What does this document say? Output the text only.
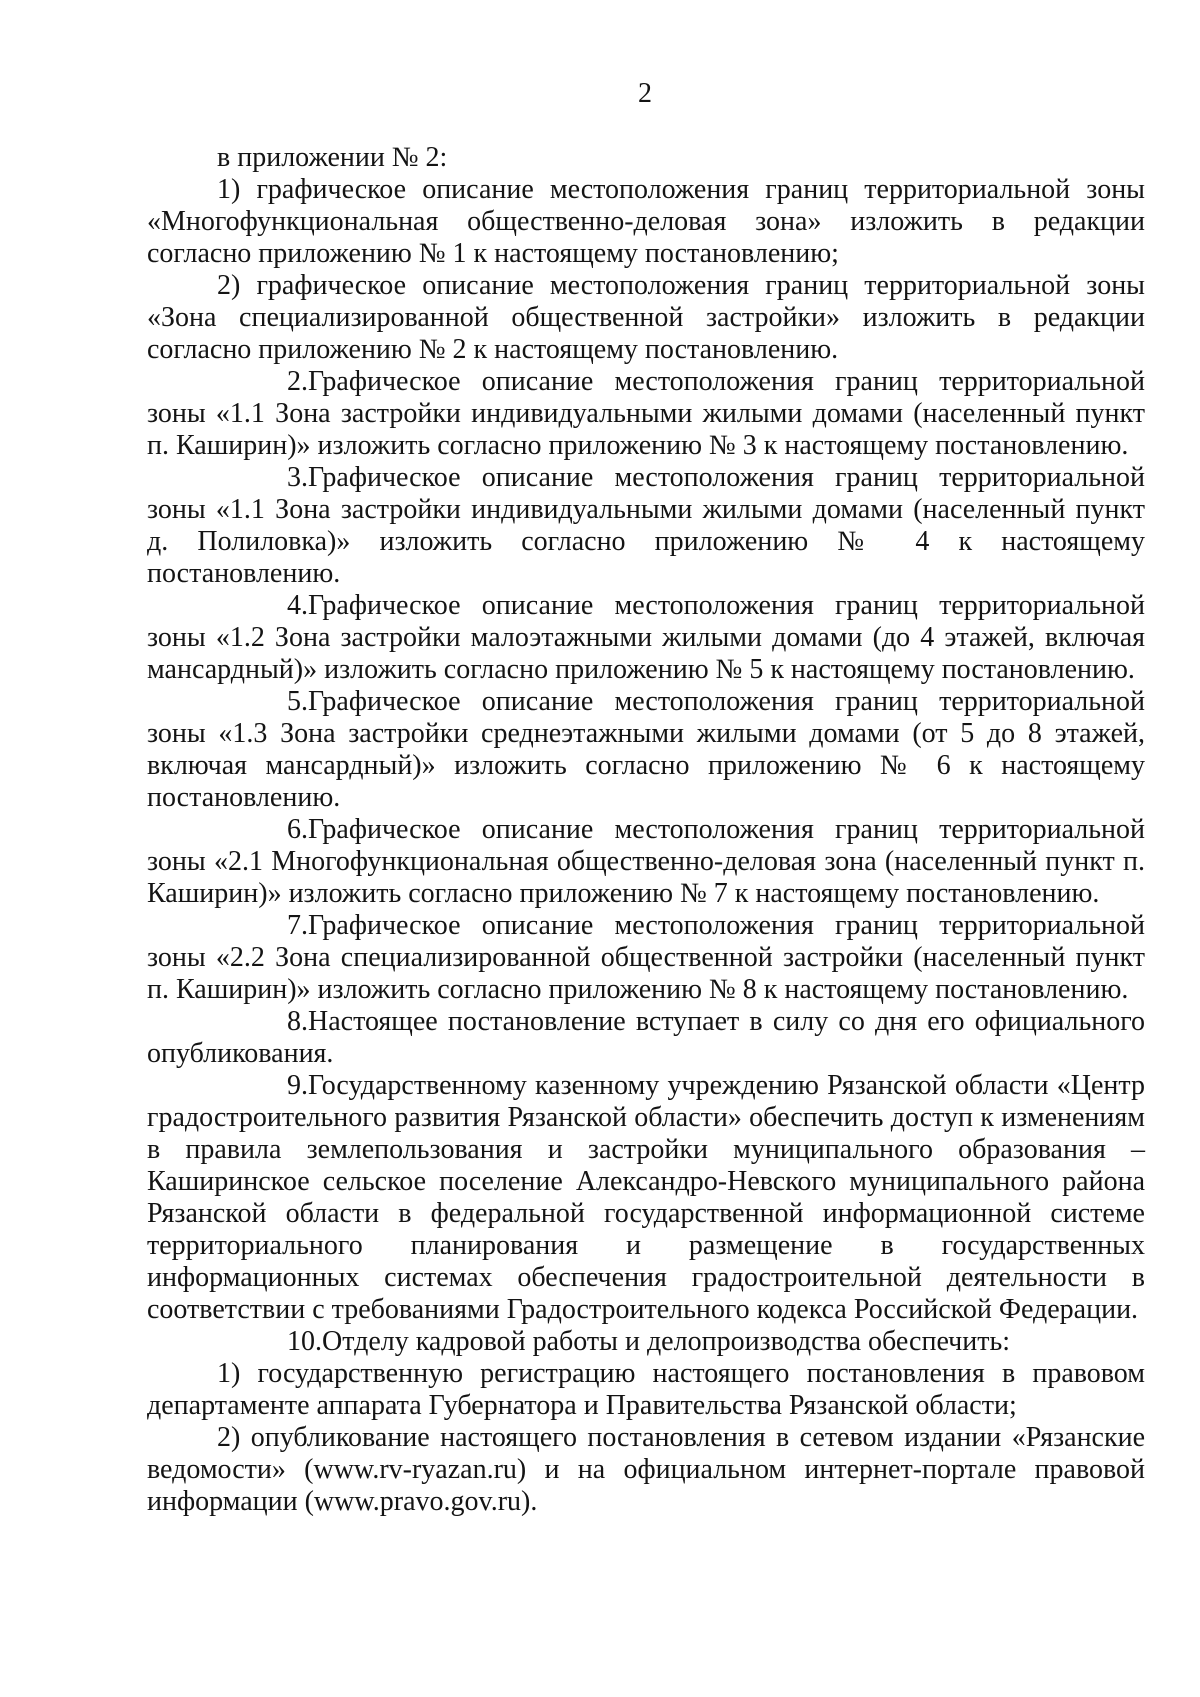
2

в приложении № 2:

1) графическое описание местоположения границ территориальной зоны «Многофункциональная общественно-деловая зона» изложить в редакции согласно приложению № 1 к настоящему постановлению;

2) графическое описание местоположения границ территориальной зоны «Зона специализированной общественной застройки» изложить в редакции согласно приложению № 2 к настоящему постановлению.

2.Графическое описание местоположения границ территориальной зоны «1.1 Зона застройки индивидуальными жилыми домами (населенный пункт п. Каширин)» изложить согласно приложению № 3 к настоящему постановлению.

3.Графическое описание местоположения границ территориальной зоны «1.1 Зона застройки индивидуальными жилыми домами (населенный пункт д. Полиловка)» изложить согласно приложению № 4 к настоящему постановлению.

4.Графическое описание местоположения границ территориальной зоны «1.2 Зона застройки малоэтажными жилыми домами (до 4 этажей, включая мансардный)» изложить согласно приложению № 5 к настоящему постановлению.

5.Графическое описание местоположения границ территориальной зоны «1.3 Зона застройки среднеэтажными жилыми домами (от 5 до 8 этажей, включая мансардный)» изложить согласно приложению № 6 к настоящему постановлению.

6.Графическое описание местоположения границ территориальной зоны «2.1 Многофункциональная общественно-деловая зона (населенный пункт п. Каширин)» изложить согласно приложению № 7 к настоящему постановлению.

7.Графическое описание местоположения границ территориальной зоны «2.2 Зона специализированной общественной застройки (населенный пункт п. Каширин)» изложить согласно приложению № 8 к настоящему постановлению.

8.Настоящее постановление вступает в силу со дня его официального опубликования.

9.Государственному казенному учреждению Рязанской области «Центр градостроительного развития Рязанской области» обеспечить доступ к изменениям в правила землепользования и застройки муниципального образования – Каширинское сельское поселение Александро-Невского муниципального района Рязанской области в федеральной государственной информационной системе территориального планирования и размещение в государственных информационных системах обеспечения градостроительной деятельности в соответствии с требованиями Градостроительного кодекса Российской Федерации.

10.Отделу кадровой работы и делопроизводства обеспечить:

1) государственную регистрацию настоящего постановления в правовом департаменте аппарата Губернатора и Правительства Рязанской области;

2) опубликование настоящего постановления в сетевом издании «Рязанские ведомости» (www.rv-ryazan.ru) и на официальном интернет-портале правовой информации (www.pravo.gov.ru).
